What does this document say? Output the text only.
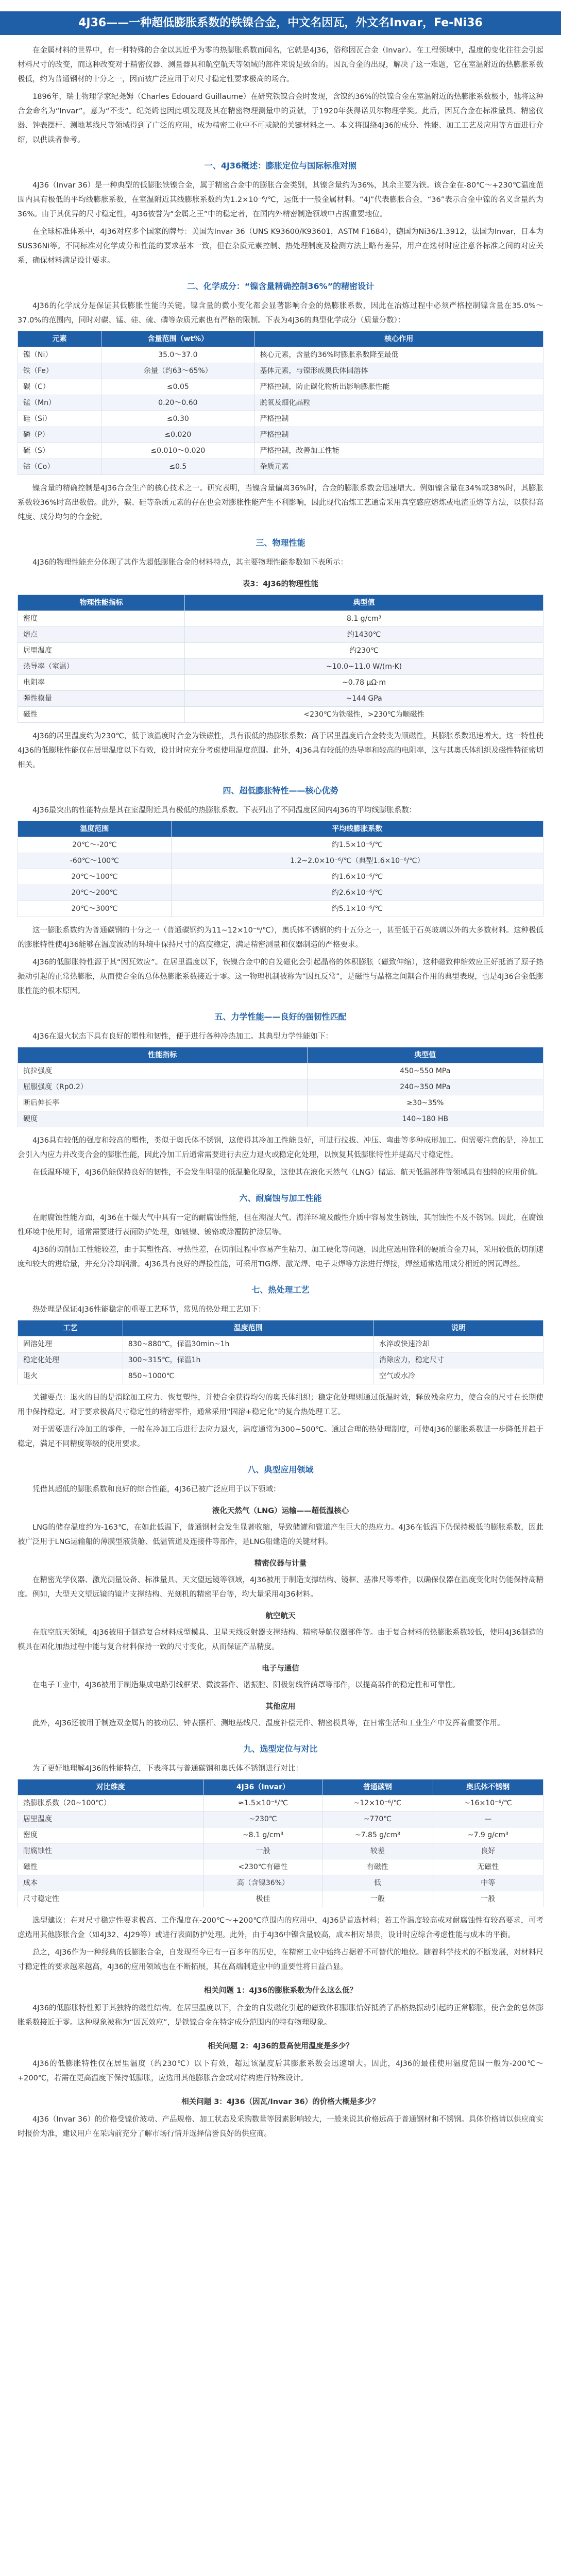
4J36——一种超低膨胀系数的铁镍合金，中文名因瓦，外文名Invar，Fe-Ni36

在金属材料的世界中，有一种特殊的合金以其近乎为零的热膨胀系数而闻名，它就是4J36，俗称因瓦合金（Invar）。在工程领域中，温度的变化往往会引起材料尺寸的改变，而这种改变对于精密仪器、测量器具和航空航天等领域的部件来说是致命的。因瓦合金的出现，解决了这一难题，它在室温附近的热膨胀系数极低，约为普通钢材的十分之一，因而被广泛应用于对尺寸稳定性要求极高的场合。

1896年，瑞士物理学家纪尧姆（Charles Edouard Guillaume）在研究铁镍合金时发现，含镍约36%的铁镍合金在室温附近的热膨胀系数极小，他将这种合金命名为“Invar”，意为“不变”。纪尧姆也因此项发现及其在精密物理测量中的贡献，于1920年获得诺贝尔物理学奖。此后，因瓦合金在标准量具、精密仪器、钟表摆杆、测地基线尺等领域得到了广泛的应用，成为精密工业中不可或缺的关键材料之一。本文将围绕4J36的成分、性能、加工工艺及应用等方面进行介绍，以供读者参考。

一、4J36概述：膨胀定位与国际标准对照

4J36（Invar 36）是一种典型的低膨胀铁镍合金，属于精密合金中的膨胀合金类别，其镍含量约为36%，其余主要为铁。该合金在-80℃～+230℃温度范围内具有极低的平均线膨胀系数，在室温附近其线膨胀系数约为1.2×10⁻⁶/℃，远低于一般金属材料。“4J”代表膨胀合金，“36”表示合金中镍的名义含量约为36%。由于其优异的尺寸稳定性，4J36被誉为“金属之王”中的稳定者，在国内外精密制造领域中占据重要地位。

在全球标准体系中，4J36对应多个国家的牌号：美国为Invar 36（UNS K93600/K93601，ASTM F1684），德国为Ni36/1.3912，法国为Invar，日本为SUS36Ni等。不同标准对化学成分和性能的要求基本一致，但在杂质元素控制、热处理制度及检测方法上略有差异，用户在选材时应注意各标准之间的对应关系，确保材料满足设计要求。

二、化学成分：“镍含量精确控制36%”的精密设计

4J36的化学成分是保证其低膨胀性能的关键。镍含量的微小变化都会显著影响合金的热膨胀系数，因此在冶炼过程中必须严格控制镍含量在35.0%～37.0%的范围内，同时对碳、锰、硅、硫、磷等杂质元素也有严格的限制。下表为4J36的典型化学成分（质量分数）：

元素	含量范围（wt%）	核心作用
镍（Ni）	35.0～37.0	核心元素，含量约36%时膨胀系数降至最低
铁（Fe）	余量（约63～65%）	基体元素，与镍形成奥氏体固溶体
碳（C）	≤0.05	严格控制，防止碳化物析出影响膨胀性能
锰（Mn）	0.20～0.60	脱氧及细化晶粒
硅（Si）	≤0.30	严格控制
磷（P）	≤0.020	严格控制
硫（S）	≤0.010～0.020	严格控制，改善加工性能
钴（Co）	≤0.5	杂质元素

镍含量的精确控制是4J36合金生产的核心技术之一。研究表明，当镍含量偏离36%时，合金的膨胀系数会迅速增大。例如镍含量在34%或38%时，其膨胀系数较36%时高出数倍。此外，碳、硅等杂质元素的存在也会对膨胀性能产生不利影响，因此现代冶炼工艺通常采用真空感应熔炼或电渣重熔等方法，以获得高纯度、成分均匀的合金锭。

三、物理性能

4J36的物理性能充分体现了其作为超低膨胀合金的材料特点，其主要物理性能参数如下表所示：

表3：4J36的物理性能
物理性能指标	典型值
密度	8.1 g/cm³
熔点	约1430℃
居里温度	约230℃
热导率（室温）	~10.0~11.0 W/(m·K)
电阻率	~0.78 μΩ·m
弹性模量	~144 GPa
磁性	<230℃为铁磁性，>230℃为顺磁性

4J36的居里温度约为230℃，低于该温度时合金为铁磁性，具有很低的热膨胀系数；高于居里温度后合金转变为顺磁性，其膨胀系数迅速增大。这一特性使4J36的低膨胀性能仅在居里温度以下有效，设计时应充分考虑使用温度范围。此外，4J36具有较低的热导率和较高的电阻率，这与其奥氏体组织及磁性特征密切相关。

四、超低膨胀特性——核心优势

4J36最突出的性能特点是其在室温附近具有极低的热膨胀系数。下表列出了不同温度区间内4J36的平均线膨胀系数：

温度范围	平均线膨胀系数
20℃～-20℃	约1.5×10⁻⁶/℃
-60℃～100℃	1.2~2.0×10⁻⁶/℃（典型1.6×10⁻⁶/℃）
20℃～100℃	约1.6×10⁻⁶/℃
20℃～200℃	约2.6×10⁻⁶/℃
20℃～300℃	约5.1×10⁻⁶/℃

这一膨胀系数约为普通碳钢的十分之一（普通碳钢约为11~12×10⁻⁶/℃），奥氏体不锈钢的约十五分之一，甚至低于石英玻璃以外的大多数材料。这种极低的膨胀特性使4J36能够在温度波动的环境中保持尺寸的高度稳定，满足精密测量和仪器制造的严格要求。

4J36的低膨胀特性源于其“因瓦效应”。在居里温度以下，铁镍合金中的自发磁化会引起晶格的体积膨胀（磁致伸缩），这种磁致伸缩效应正好抵消了原子热振动引起的正常热膨胀，从而使合金的总体热膨胀系数接近于零。这一物理机制被称为“因瓦反常”，是磁性与晶格之间耦合作用的典型表现，也是4J36合金低膨胀性能的根本原因。

五、力学性能——良好的强韧性匹配

4J36在退火状态下具有良好的塑性和韧性，便于进行各种冷热加工。其典型力学性能如下：

性能指标	典型值
抗拉强度	450~550 MPa
屈服强度（Rp0.2）	240~350 MPa
断后伸长率	≥30~35%
硬度	140~180 HB

4J36具有较低的强度和较高的塑性，类似于奥氏体不锈钢，这使得其冷加工性能良好，可进行拉拔、冲压、弯曲等多种成形加工。但需要注意的是，冷加工会引入内应力并改变合金的膨胀性能，因此冷加工后通常需要进行去应力退火或稳定化处理，以恢复其低膨胀特性并提高尺寸稳定性。

在低温环境下，4J36仍能保持良好的韧性，不会发生明显的低温脆化现象，这使其在液化天然气（LNG）储运、航天低温部件等领域具有独特的应用价值。

六、耐腐蚀与加工性能

在耐腐蚀性能方面，4J36在干燥大气中具有一定的耐腐蚀性能，但在潮湿大气、海洋环境及酸性介质中容易发生锈蚀，其耐蚀性不及不锈钢。因此，在腐蚀性环境中使用时，通常需要进行表面防护处理，如镀镍、镀铬或涂覆防护涂层等。

4J36的切削加工性能较差，由于其塑性高、导热性差，在切削过程中容易产生粘刀、加工硬化等问题，因此应选用锋利的硬质合金刀具，采用较低的切削速度和较大的进给量，并充分冷却润滑。4J36具有良好的焊接性能，可采用TIG焊、激光焊、电子束焊等方法进行焊接，焊丝通常选用成分相近的因瓦焊丝。

七、热处理工艺

热处理是保证4J36性能稳定的重要工艺环节，常见的热处理工艺如下：

工艺	温度范围	说明
固溶处理	830~880℃，保温30min~1h	水淬或快速冷却
稳定化处理	300~315℃，保温1h	消除应力，稳定尺寸
退火	850~1000℃	空气或水冷

关键要点：退火的目的是消除加工应力、恢复塑性，并使合金获得均匀的奥氏体组织；稳定化处理则通过低温时效，释放残余应力，使合金的尺寸在长期使用中保持稳定。对于要求极高尺寸稳定性的精密零件，通常采用“固溶+稳定化”的复合热处理工艺。

对于需要进行冷加工的零件，一般在冷加工后进行去应力退火，温度通常为300~500℃。通过合理的热处理制度，可使4J36的膨胀系数进一步降低并趋于稳定，满足不同精度等级的使用要求。

八、典型应用领域

凭借其超低的膨胀系数和良好的综合性能，4J36已被广泛应用于以下领域：

液化天然气（LNG）运输——超低温核心

LNG的储存温度约为-163℃，在如此低温下，普通钢材会发生显著收缩，导致储罐和管道产生巨大的热应力。4J36在低温下仍保持极低的膨胀系数，因此被广泛用于LNG运输船的薄膜型液货舱、低温管道及连接件等部件，是LNG船建造的关键材料。

精密仪器与计量

在精密光学仪器、激光测量设备、标准量具、天文望远镜等领域，4J36被用于制造支撑结构、镜框、基准尺等零件，以确保仪器在温度变化时仍能保持高精度。例如，大型天文望远镜的镜片支撑结构、光刻机的精密平台等，均大量采用4J36材料。

航空航天

在航空航天领域，4J36被用于制造复合材料成型模具、卫星天线反射器支撑结构、精密导航仪器部件等。由于复合材料的热膨胀系数较低，使用4J36制造的模具在固化加热过程中能与复合材料保持一致的尺寸变化，从而保证产品精度。

电子与通信

在电子工业中，4J36被用于制造集成电路引线框架、微波器件、谐振腔、阴极射线管荫罩等部件，以提高器件的稳定性和可靠性。

其他应用

此外，4J36还被用于制造双金属片的被动层、钟表摆杆、测地基线尺、温度补偿元件、精密模具等，在日常生活和工业生产中发挥着重要作用。

九、选型定位与对比

为了更好地理解4J36的性能特点，下表将其与普通碳钢和奥氏体不锈钢进行对比：

对比维度	4J36（Invar）	普通碳钢	奥氏体不锈钢
热膨胀系数（20~100℃）	≈1.5×10⁻⁶/℃	~12×10⁻⁶/℃	~16×10⁻⁶/℃
居里温度	~230℃	~770℃	—
密度	~8.1 g/cm³	~7.85 g/cm³	~7.9 g/cm³
耐腐蚀性	一般	较差	良好
磁性	<230℃有磁性	有磁性	无磁性
成本	高（含镍36%）	低	中等
尺寸稳定性	极佳	一般	一般

选型建议：在对尺寸稳定性要求极高、工作温度在-200℃～+200℃范围内的应用中，4J36是首选材料；若工作温度较高或对耐腐蚀性有较高要求，可考虑选用其他膨胀合金（如4J32、4J29等）或进行表面防护处理。此外，由于4J36中镍含量较高，成本相对昂贵，设计时应综合考虑性能与成本的平衡。

总之，4J36作为一种经典的低膨胀合金，自发现至今已有一百多年的历史，在精密工业中始终占据着不可替代的地位。随着科学技术的不断发展，对材料尺寸稳定性的要求越来越高，4J36的应用领域也在不断拓展，其在高端制造业中的重要性将日益凸显。

相关问题 1：4J36的膨胀系数为什么这么低？

4J36的低膨胀特性源于其独特的磁性结构。在居里温度以下，合金的自发磁化引起的磁致体积膨胀恰好抵消了晶格热振动引起的正常膨胀，使合金的总体膨胀系数接近于零。这种现象被称为“因瓦效应”，是铁镍合金在特定成分范围内的特有物理现象。

相关问题 2：4J36的最高使用温度是多少？

4J36的低膨胀特性仅在居里温度（约230℃）以下有效，超过该温度后其膨胀系数会迅速增大。因此，4J36的最佳使用温度范围一般为-200℃～+200℃，若需在更高温度下保持低膨胀，应选用其他膨胀合金或对结构进行特殊设计。

相关问题 3：4J36（因瓦/Invar 36）的价格大概是多少？

4J36（Invar 36）的价格受镍价波动、产品规格、加工状态及采购数量等因素影响较大，一般来说其价格远高于普通钢材和不锈钢。具体价格请以供应商实时报价为准，建议用户在采购前充分了解市场行情并选择信誉良好的供应商。
